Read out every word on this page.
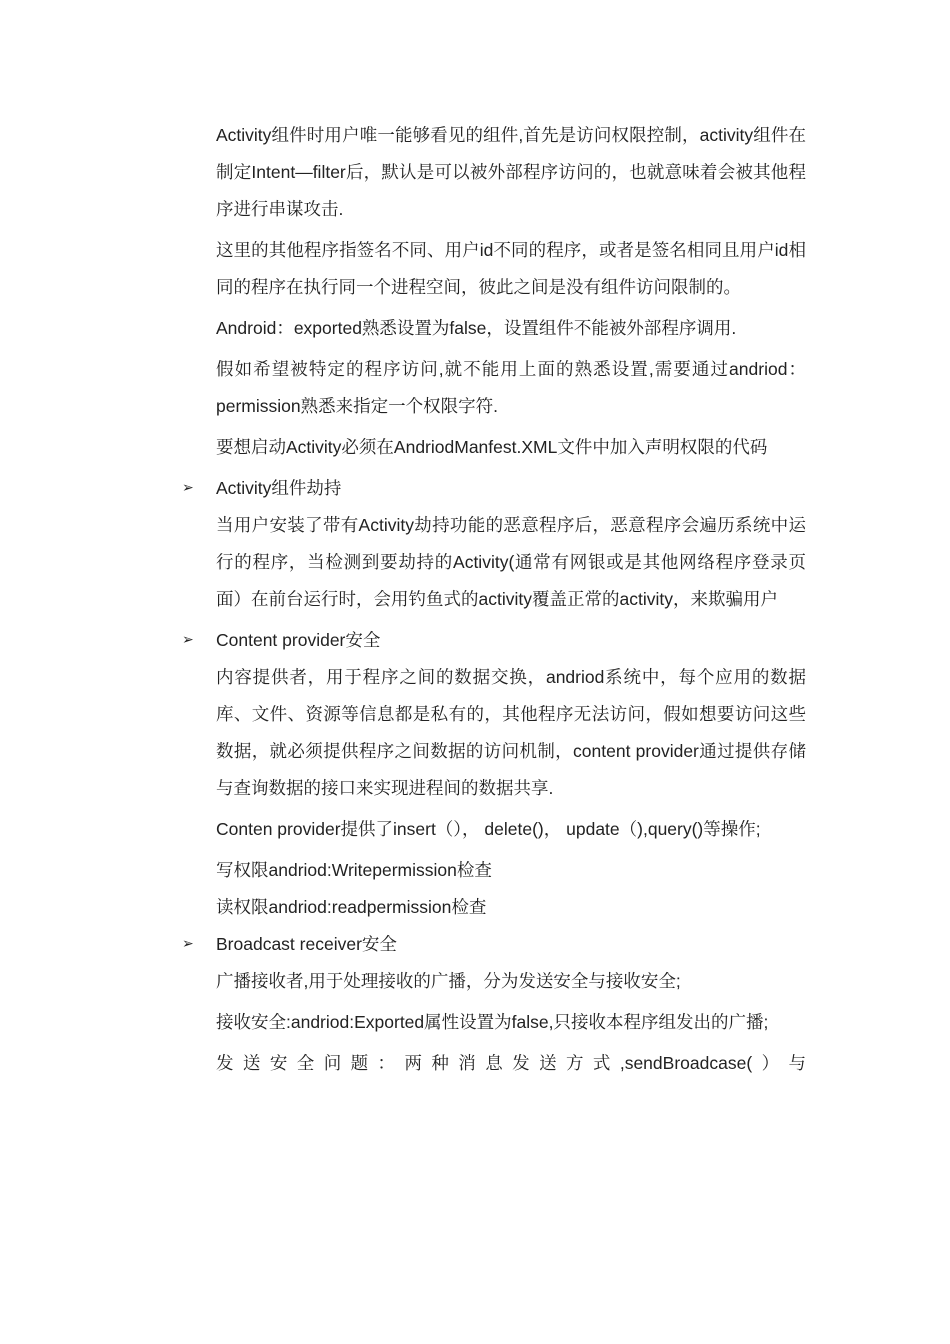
Activity组件时用户唯一能够看见的组件,首先是访问权限控制，activity组件在制定Intent—filter后，默认是可以被外部程序访问的，也就意味着会被其他程序进行串谋攻击.

这里的其他程序指签名不同、用户id不同的程序，或者是签名相同且用户id相同的程序在执行同一个进程空间，彼此之间是没有组件访问限制的。

Android：exported熟悉设置为false，设置组件不能被外部程序调用.

假如希望被特定的程序访问,就不能用上面的熟悉设置,需要通过andriod：permission熟悉来指定一个权限字符.

要想启动Activity必须在AndriodManfest.XML文件中加入声明权限的代码

➢ Activity组件劫持

当用户安装了带有Activity劫持功能的恶意程序后，恶意程序会遍历系统中运行的程序，当检测到要劫持的Activity(通常有网银或是其他网络程序登录页面）在前台运行时，会用钓鱼式的activity覆盖正常的activity，来欺骗用户

➢ Content provider安全

内容提供者，用于程序之间的数据交换，andriod系统中，每个应用的数据库、文件、资源等信息都是私有的，其他程序无法访问，假如想要访问这些数据，就必须提供程序之间数据的访问机制，content provider通过提供存储与查询数据的接口来实现进程间的数据共享.

Conten provider提供了insert（）， delete()， update（),query()等操作;

写权限andriod:Writepermission检查

读权限andriod:readpermission检查

➢ Broadcast receiver安全

广播接收者,用于处理接收的广播，分为发送安全与接收安全;

接收安全:andriod:Exported属性设置为false,只接收本程序组发出的广播;

发送安全问题：两种消息发送方式,sendBroadcase(）与
